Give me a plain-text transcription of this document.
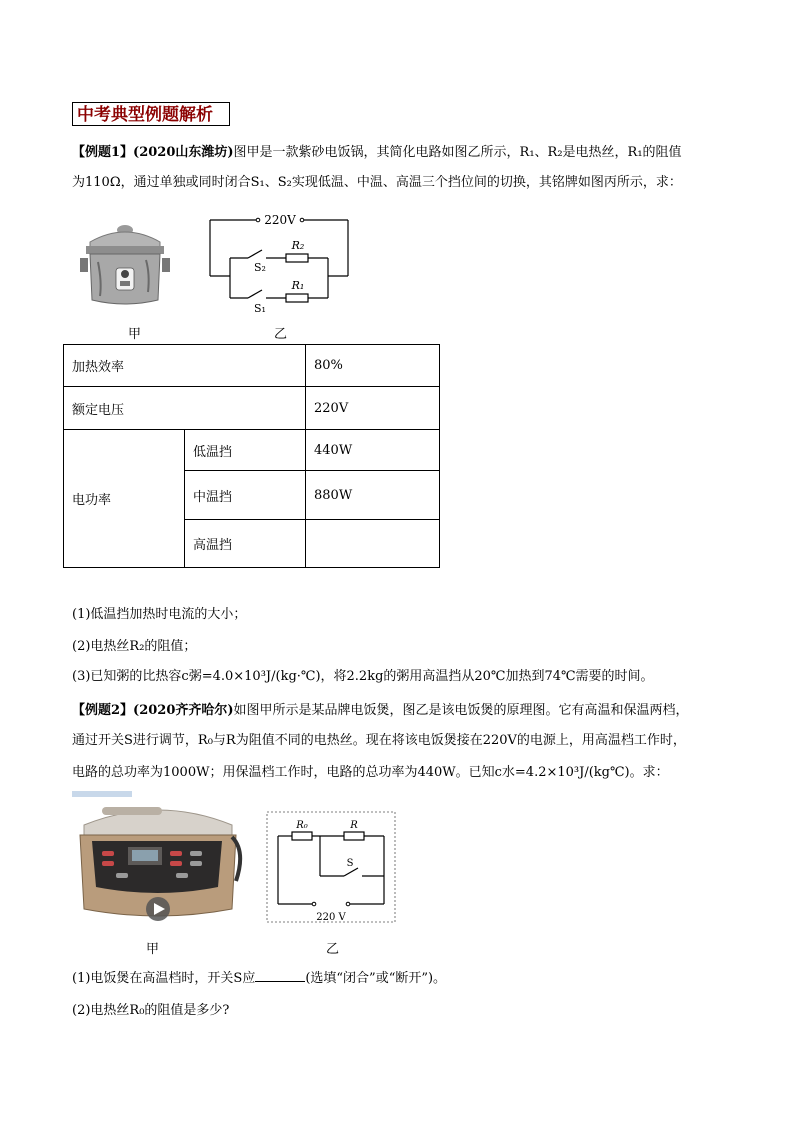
中考典型例题解析
【例题1】(2020山东潍坊)图甲是一款紫砂电饭锅，其简化电路如图乙所示，R₁、R₂是电热丝，R₁的阻值
为110Ω，通过单独或同时闭合S₁、S₂实现低温、中温、高温三个挡位间的切换，其铭牌如图丙所示，求：
甲
220V
R₂
R₁
S₂
S₁
乙
加热效率		80%
额定电压		220V
电功率	低温挡	440W
	中温挡	880W
	高温挡	
(1)低温挡加热时电流的大小；
(2)电热丝R₂的阻值；
(3)已知粥的比热容c粥=4.0×10³J/(kg·℃)，将2.2kg的粥用高温挡从20℃加热到74℃需要的时间。
【例题2】(2020齐齐哈尔)如图甲所示是某品牌电饭煲，图乙是该电饭煲的原理图。它有高温和保温两档，
通过开关S进行调节，R₀与R为阻值不同的电热丝。现在将该电饭煲接在220V的电源上，用高温档工作时，
电路的总功率为1000W；用保温档工作时，电路的总功率为440W。已知c水=4.2×10³J/(kg℃)。求：
甲
R₀	R
S
220 V
乙
(1)电饭煲在高温档时，开关S应	(选填“闭合”或“断开”)。
(2)电热丝R₀的阻值是多少?
